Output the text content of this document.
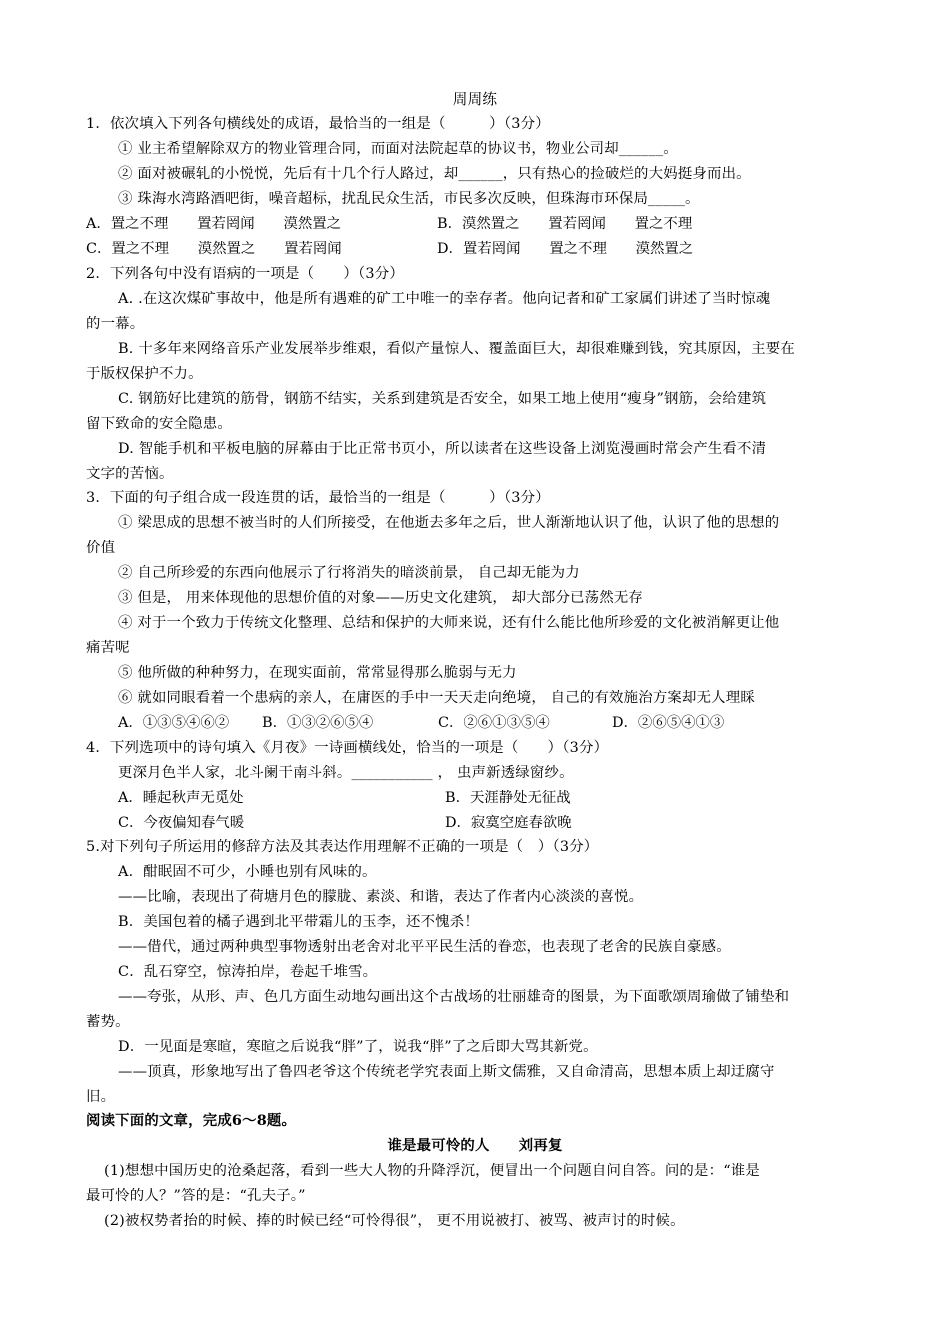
周周练
1．依次填入下列各句横线处的成语，最恰当的一组是（　　　）（3分）
① 业主希望解除双方的物业管理合同，而面对法院起草的协议书，物业公司却______。
② 面对被碾轧的小悦悦，先后有十几个行人路过，却______，只有热心的捡破烂的大妈挺身而出。
③ 珠海水湾路酒吧街，噪音超标，扰乱民众生活，市民多次反映，但珠海市环保局_____。
A．置之不理　　置若罔闻　　漠然置之	B．漠然置之　　置若罔闻　　置之不理
C．置之不理　　漠然置之　　置若罔闻	D．置若罔闻　　置之不理　　漠然置之
2．下列各句中没有语病的一项是（　　）（3分）
A. .在这次煤矿事故中，他是所有遇难的矿工中唯一的幸存者。他向记者和矿工家属们讲述了当时惊魂
的一幕。
B. 十多年来网络音乐产业发展举步维艰，看似产量惊人、覆盖面巨大，却很难赚到钱，究其原因，主要在
于版权保护不力。
C. 钢筋好比建筑的筋骨，钢筋不结实，关系到建筑是否安全，如果工地上使用“瘦身”钢筋，会给建筑
留下致命的安全隐患。
D. 智能手机和平板电脑的屏幕由于比正常书页小，所以读者在这些设备上浏览漫画时常会产生看不清
文字的苦恼。
3．下面的句子组合成一段连贯的话，最恰当的一组是（　　　）（3分）
① 梁思成的思想不被当时的人们所接受，在他逝去多年之后，世人渐渐地认识了他，认识了他的思想的
价值
② 自己所珍爱的东西向他展示了行将消失的暗淡前景， 自己却无能为力
③ 但是， 用来体现他的思想价值的对象——历史文化建筑， 却大部分已荡然无存
④ 对于一个致力于传统文化整理、总结和保护的大师来说，还有什么能比他所珍爱的文化被消解更让他
痛苦呢
⑤ 他所做的种种努力，在现实面前，常常显得那么脆弱与无力
⑥ 就如同眼看着一个患病的亲人，在庸医的手中一天天走向绝境， 自己的有效施治方案却无人理睬
A．①③⑤④⑥② B．①③②⑥⑤④	C．②⑥①③⑤④	D．②⑥⑤④①③
4．下列选项中的诗句填入《月夜》一诗画横线处，恰当的一项是（　　）（3分）
更深月色半人家，北斗阑干南斗斜。___________ ， 虫声新透绿窗纱。
A．睡起秋声无觅处	B．天涯静处无征战
C．今夜偏知春气暖	D．寂寞空庭春欲晚
5.对下列句子所运用的修辞方法及其表达作用理解不正确的一项是（　）（3分）
A．酣眠固不可少，小睡也别有风味的。
——比喻，表现出了荷塘月色的朦胧、素淡、和谐，表达了作者内心淡淡的喜悦。
B．美国包着的橘子遇到北平带霜儿的玉李，还不愧杀！
——借代，通过两种典型事物透射出老舍对北平平民生活的眷恋，也表现了老舍的民族自豪感。
C．乱石穿空，惊涛拍岸，卷起千堆雪。
——夸张，从形、声、色几方面生动地勾画出这个古战场的壮丽雄奇的图景，为下面歌颂周瑜做了铺垫和
蓄势。
D．一见面是寒暄，寒暄之后说我“胖”了，说我“胖”了之后即大骂其新党。
——顶真，形象地写出了鲁四老爷这个传统老学究表面上斯文儒雅，又自命清高，思想本质上却迂腐守
旧。
阅读下面的文章，完成6～8题。
谁是最可怜的人　　刘再复
(1)想想中国历史的沧桑起落，看到一些大人物的升降浮沉，便冒出一个问题自问自答。问的是：“谁是
最可怜的人？”答的是：“孔夫子。”
(2)被权势者抬的时候、捧的时候已经“可怜得很”， 更不用说被打、被骂、被声讨的时候。
